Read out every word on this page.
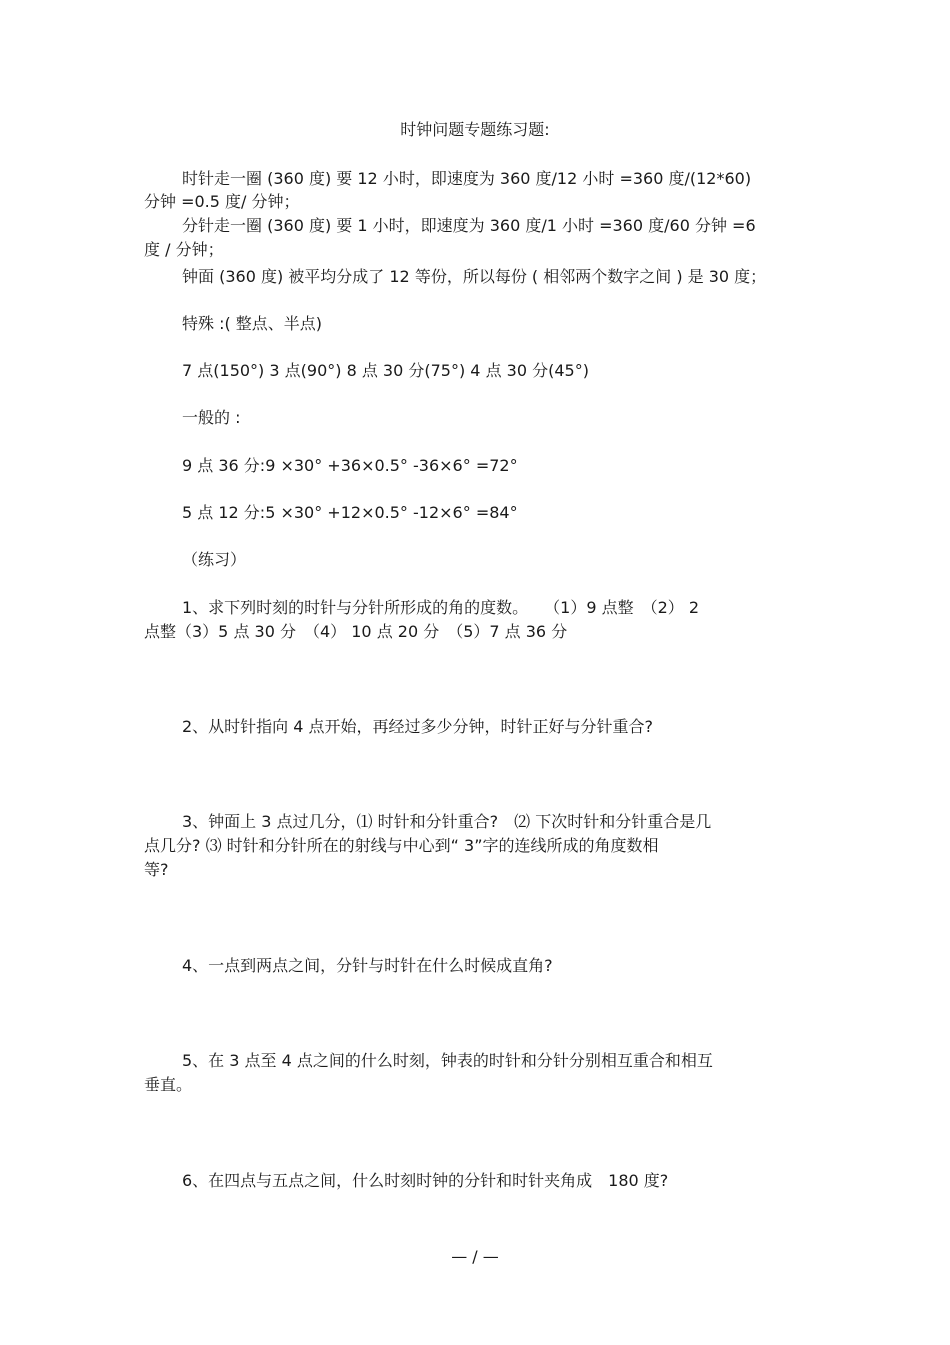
时钟问题专题练习题:
时针走一圈 (360 度) 要 12 小时，即速度为 360 度/12 小时 =360 度/(12*60)
分钟 =0.5 度/ 分钟；
分针走一圈 (360 度) 要 1 小时，即速度为 360 度/1 小时 =360 度/60 分钟 =6
度 / 分钟；
钟面 (360 度) 被平均分成了 12 等份，所以每份 ( 相邻两个数字之间 ) 是 30 度；
特殊 :( 整点、半点)
7 点(150°) 3 点(90°) 8 点 30 分(75°) 4 点 30 分(45°)
一般的 :
9 点 36 分:9 ×30° +36×0.5° -36×6° =72°
5 点 12 分:5 ×30° +12×0.5° -12×6° =84°
（练习）
1、求下列时刻的时针与分针所形成的角的度数。　　（1）9 点整　（2） 2
点整（3）5 点 30 分　（4） 10 点 20 分　（5）7 点 36 分
2、从时针指向 4 点开始，再经过多少分钟，时针正好与分针重合?
3、钟面上 3 点过几分，⑴ 时针和分针重合?　⑵ 下次时针和分针重合是几
点几分? ⑶ 时针和分针所在的射线与中心到“ 3”字的连线所成的角度数相
等?
4、一点到两点之间，分针与时针在什么时候成直角?
5、在 3 点至 4 点之间的什么时刻，钟表的时针和分针分别相互重合和相互
垂直。
6、在四点与五点之间，什么时刻时钟的分针和时针夹角成　180 度?
— / —
